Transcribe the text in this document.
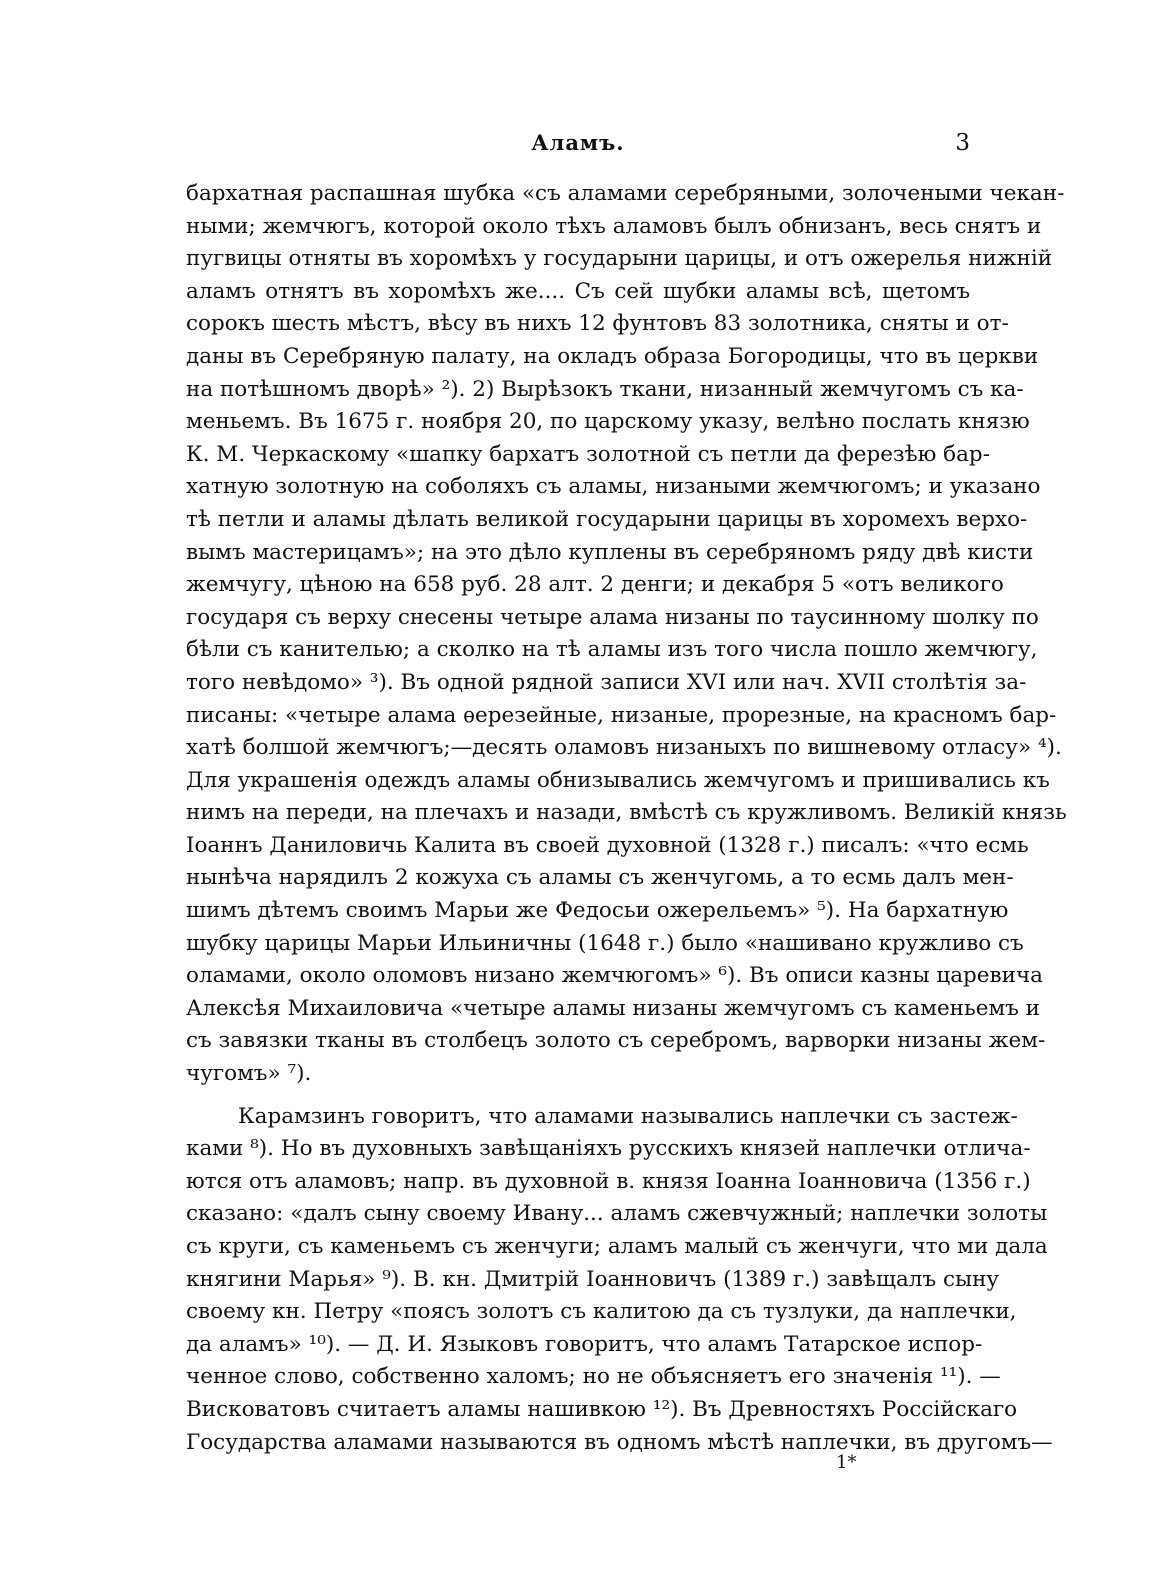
Аламъ.	3
бархатная распашная шубка «съ аламами серебряными, золочеными чекан-
ными; жемчюгъ, которой около тѣхъ аламовъ былъ обнизанъ, весь снятъ и
пугвицы отняты въ хоромѣхъ у государыни царицы, и отъ ожерелья нижній
аламъ отнятъ въ хоромѣхъ же.... Съ сей шубки аламы всѣ, щетомъ
сорокъ шесть мѣстъ, вѣсу въ нихъ 12 фунтовъ 83 золотника, сняты и от-
даны въ Серебряную палату, на окладъ образа Богородицы, что въ церкви
на потѣшномъ дворѣ» ²). 2) Вырѣзокъ ткани, низанный жемчугомъ съ ка-
меньемъ. Въ 1675 г. ноября 20, по царскому указу, велѣно послать князю
К. М. Черкаскому «шапку бархатъ золотной съ петли да ферезѣю бар-
хатную золотную на соболяхъ съ аламы, низаными жемчюгомъ; и указано
тѣ петли и аламы дѣлать великой государыни царицы въ хоромехъ верхо-
вымъ мастерицамъ»; на это дѣло куплены въ серебряномъ ряду двѣ кисти
жемчугу, цѣною на 658 руб. 28 алт. 2 денги; и декабря 5 «отъ великого
государя съ верху снесены четыре алама низаны по таусинному шолку по
бѣли съ канителью; а сколко на тѣ аламы изъ того числа пошло жемчюгу,
того невѣдомо» ³). Въ одной рядной записи XVI или нач. XVII столѣтія за-
писаны: «четыре алама ѳерезейные, низаные, прорезные, на красномъ бар-
хатѣ болшой жемчюгъ;—десять оламовъ низаныхъ по вишневому отласу» ⁴).
Для украшенія одеждъ аламы обнизывались жемчугомъ и пришивались къ
нимъ на переди, на плечахъ и назади, вмѣстѣ съ кружливомъ. Великій князь
Іоаннъ Даниловичь Калита въ своей духовной (1328 г.) писалъ: «что есмь
нынѣча нарядилъ 2 кожуха съ аламы съ женчугомь, а то есмь далъ мен-
шимъ дѣтемъ своимъ Марьи же Федосьи ожерельемъ» ⁵). На бархатную
шубку царицы Марьи Ильиничны (1648 г.) было «нашивано кружливо съ
оламами, около оломовъ низано жемчюгомъ» ⁶). Въ описи казны царевича
Алексѣя Михаиловича «четыре аламы низаны жемчугомъ съ каменьемъ и
съ завязки тканы въ столбецъ золото съ серебромъ, варворки низаны жем-
чугомъ» ⁷).
Карамзинъ говоритъ, что аламами назывались наплечки съ застеж-
ками ⁸). Но въ духовныхъ завѣщаніяхъ русскихъ князей наплечки отлича-
ются отъ аламовъ; напр. въ духовной в. князя Іоанна Іоанновича (1356 г.)
сказано: «далъ сыну своему Ивану... аламъ сжевчужный; наплечки золоты
съ круги, съ каменьемъ съ женчуги; аламъ малый съ женчуги, что ми дала
княгини Марья» ⁹). В. кн. Дмитрій Іоанновичъ (1389 г.) завѣщалъ сыну
своему кн. Петру «поясъ золотъ съ калитою да съ тузлуки, да наплечки,
да аламъ» ¹⁰). — Д. И. Языковъ говоритъ, что аламъ Татарское испор-
ченное слово, собственно халомъ; но не объясняетъ его значенія ¹¹). —
Висковатовъ считаетъ аламы нашивкою ¹²). Въ Древностяхъ Россійскаго
Государства аламами называются въ одномъ мѣстѣ наплечки, въ другомъ—
1*
